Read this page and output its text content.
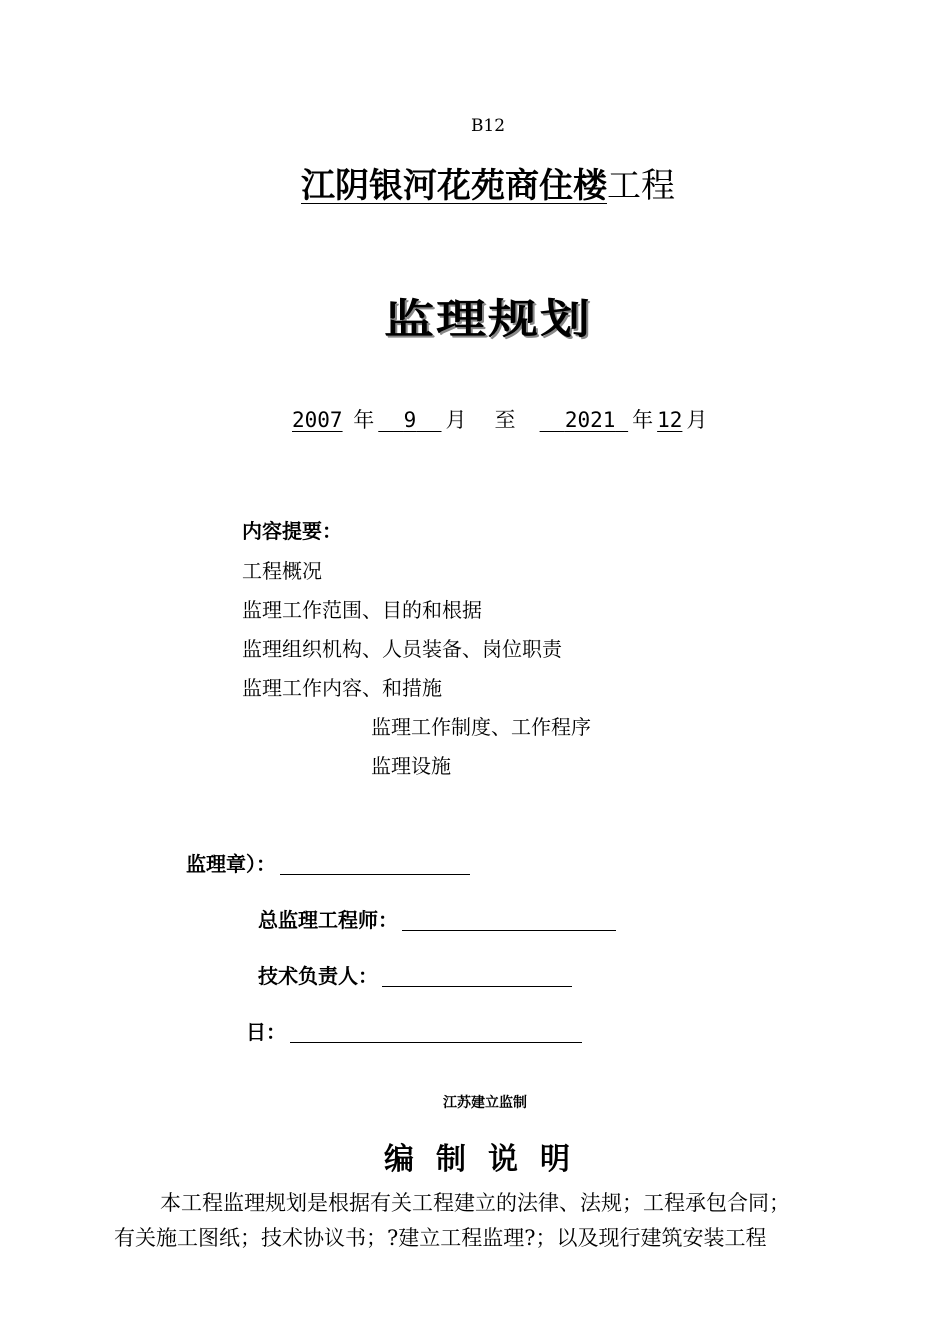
B12
江阴银河花苑商住楼工程
监理规划
2007 年 9 月 至 2021 年 12 月
内容提要：
工程概况
监理工作范围、目的和根据
监理组织机构、人员装备、岗位职责
监理工作内容、和措施
监理工作制度、工作程序
监理设施
监理章）：
总监理工程师：
技术负责人：
日：
江苏建立监制
编制说明
本工程监理规划是根据有关工程建立的法律、法规；工程承包合同；
有关施工图纸；技术协议书；?建立工程监理?；以及现行建筑安装工程
